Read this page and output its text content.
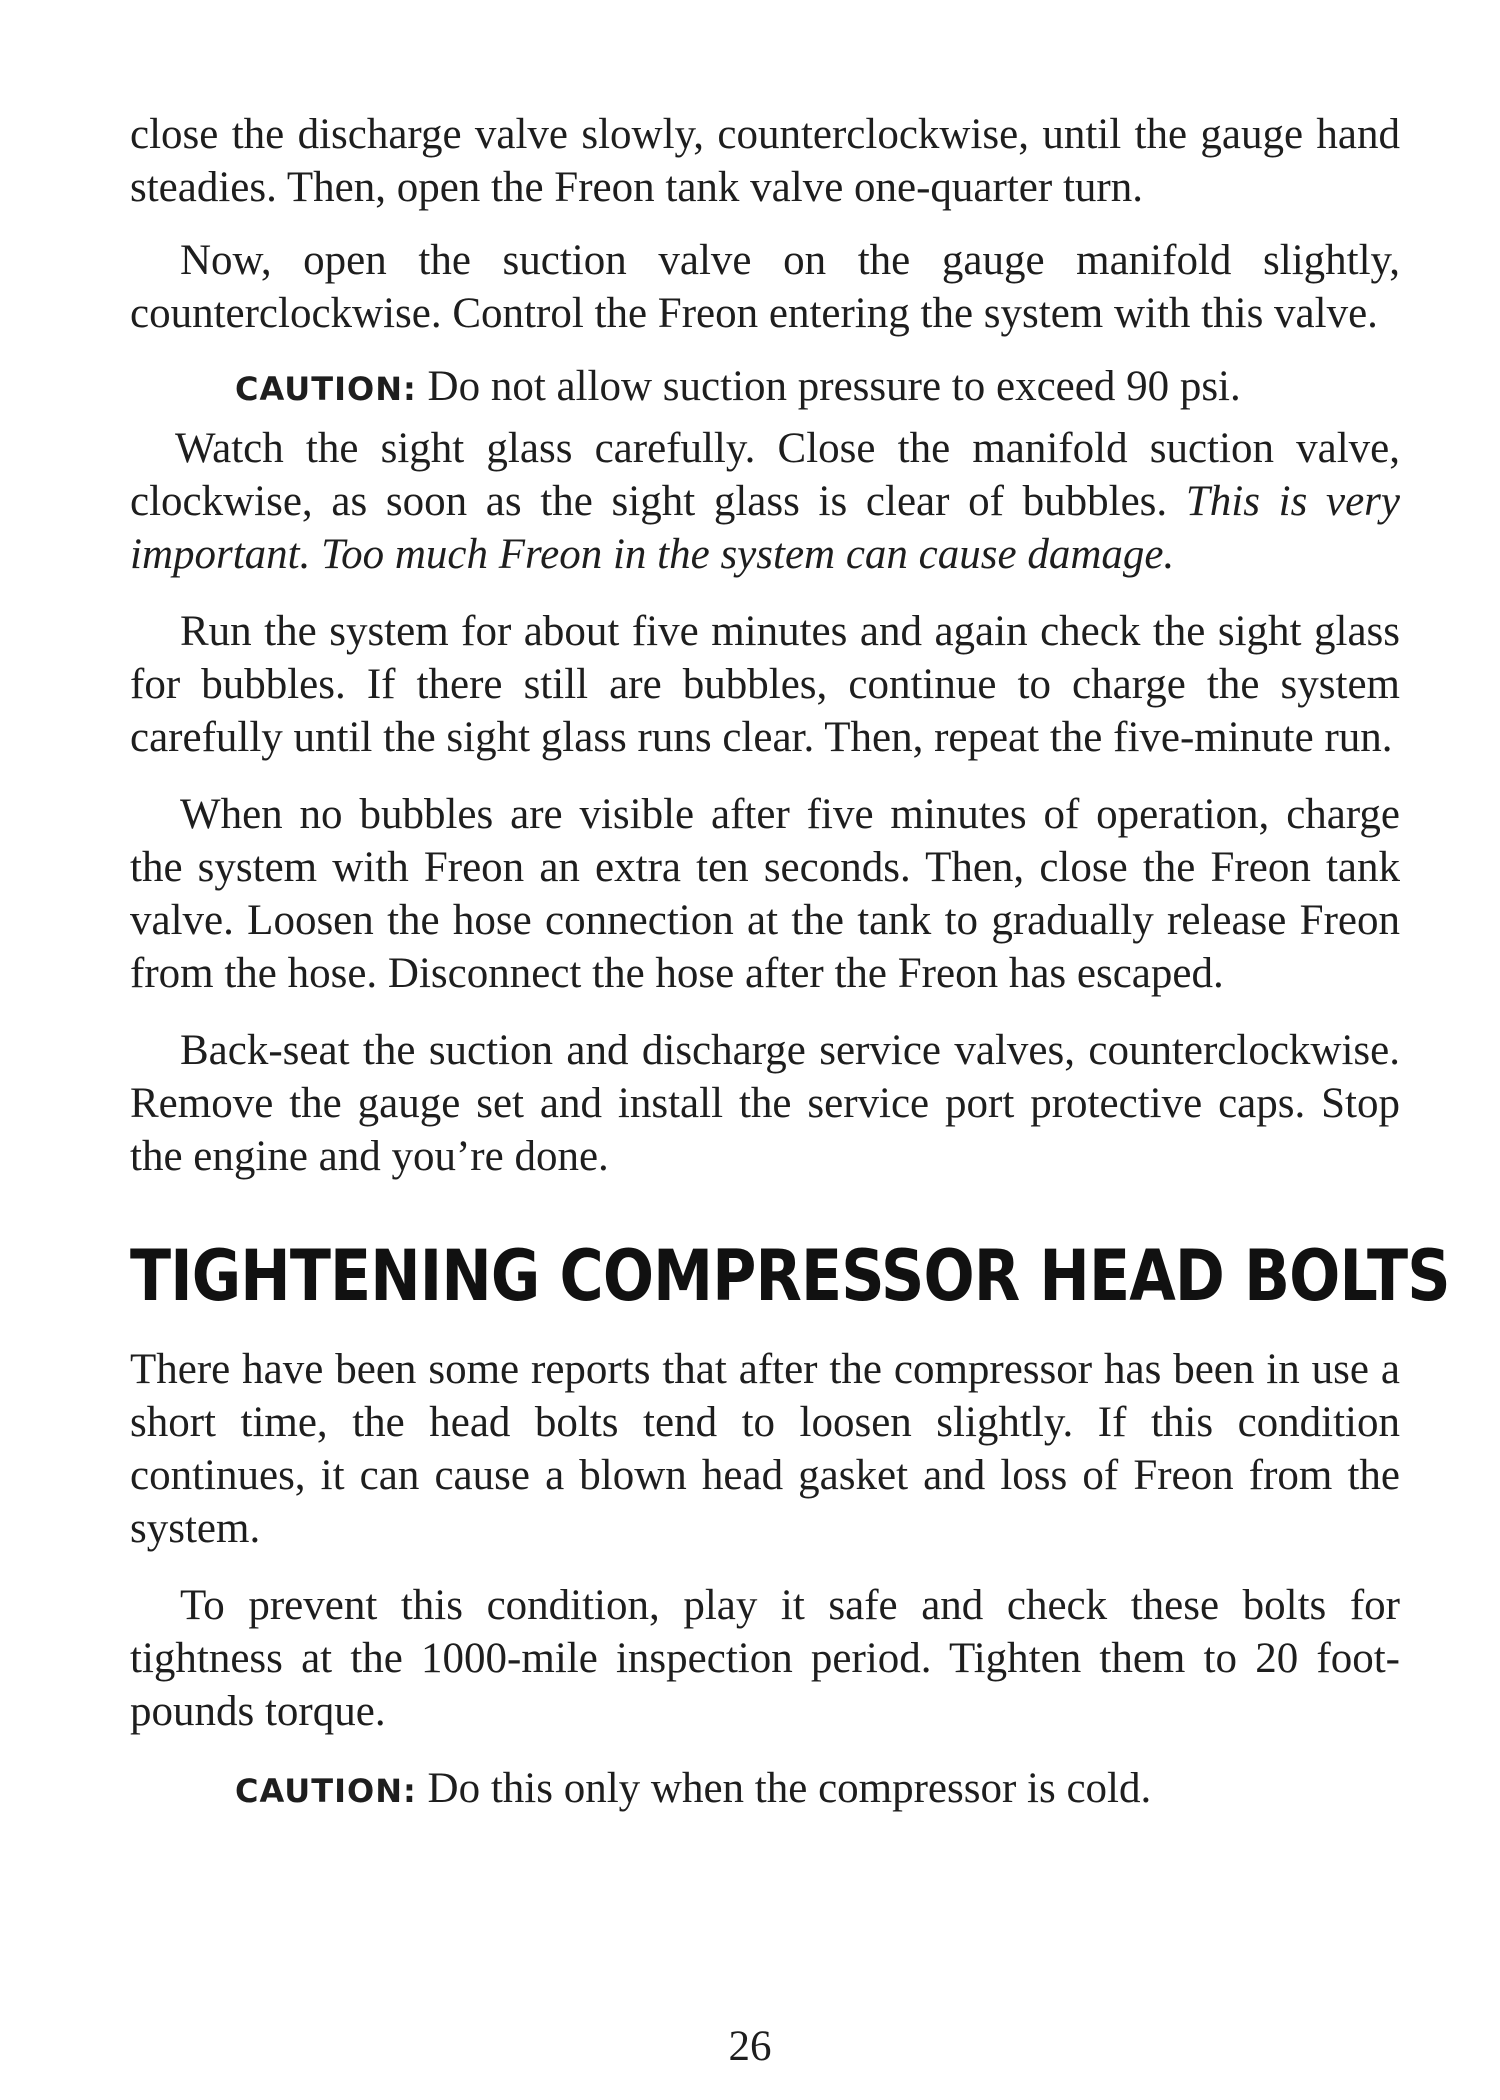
close the discharge valve slowly, counterclockwise, until the gauge hand steadies. Then, open the Freon tank valve one-quarter turn.

Now, open the suction valve on the gauge manifold slightly, counterclockwise. Control the Freon entering the system with this valve.

CAUTION: Do not allow suction pressure to exceed 90 psi.

Watch the sight glass carefully. Close the manifold suction valve, clockwise, as soon as the sight glass is clear of bubbles. This is very important. Too much Freon in the system can cause damage.

Run the system for about five minutes and again check the sight glass for bubbles. If there still are bubbles, continue to charge the system carefully until the sight glass runs clear. Then, repeat the five-minute run.

When no bubbles are visible after five minutes of operation, charge the system with Freon an extra ten seconds. Then, close the Freon tank valve. Loosen the hose connection at the tank to gradually release Freon from the hose. Disconnect the hose after the Freon has escaped.

Back-seat the suction and discharge service valves, counterclockwise. Remove the gauge set and install the service port protective caps. Stop the engine and you’re done.

TIGHTENING COMPRESSOR HEAD BOLTS

There have been some reports that after the compressor has been in use a short time, the head bolts tend to loosen slightly. If this condition continues, it can cause a blown head gasket and loss of Freon from the system.

To prevent this condition, play it safe and check these bolts for tightness at the 1000-mile inspection period. Tighten them to 20 foot-pounds torque.

CAUTION: Do this only when the compressor is cold.

26
